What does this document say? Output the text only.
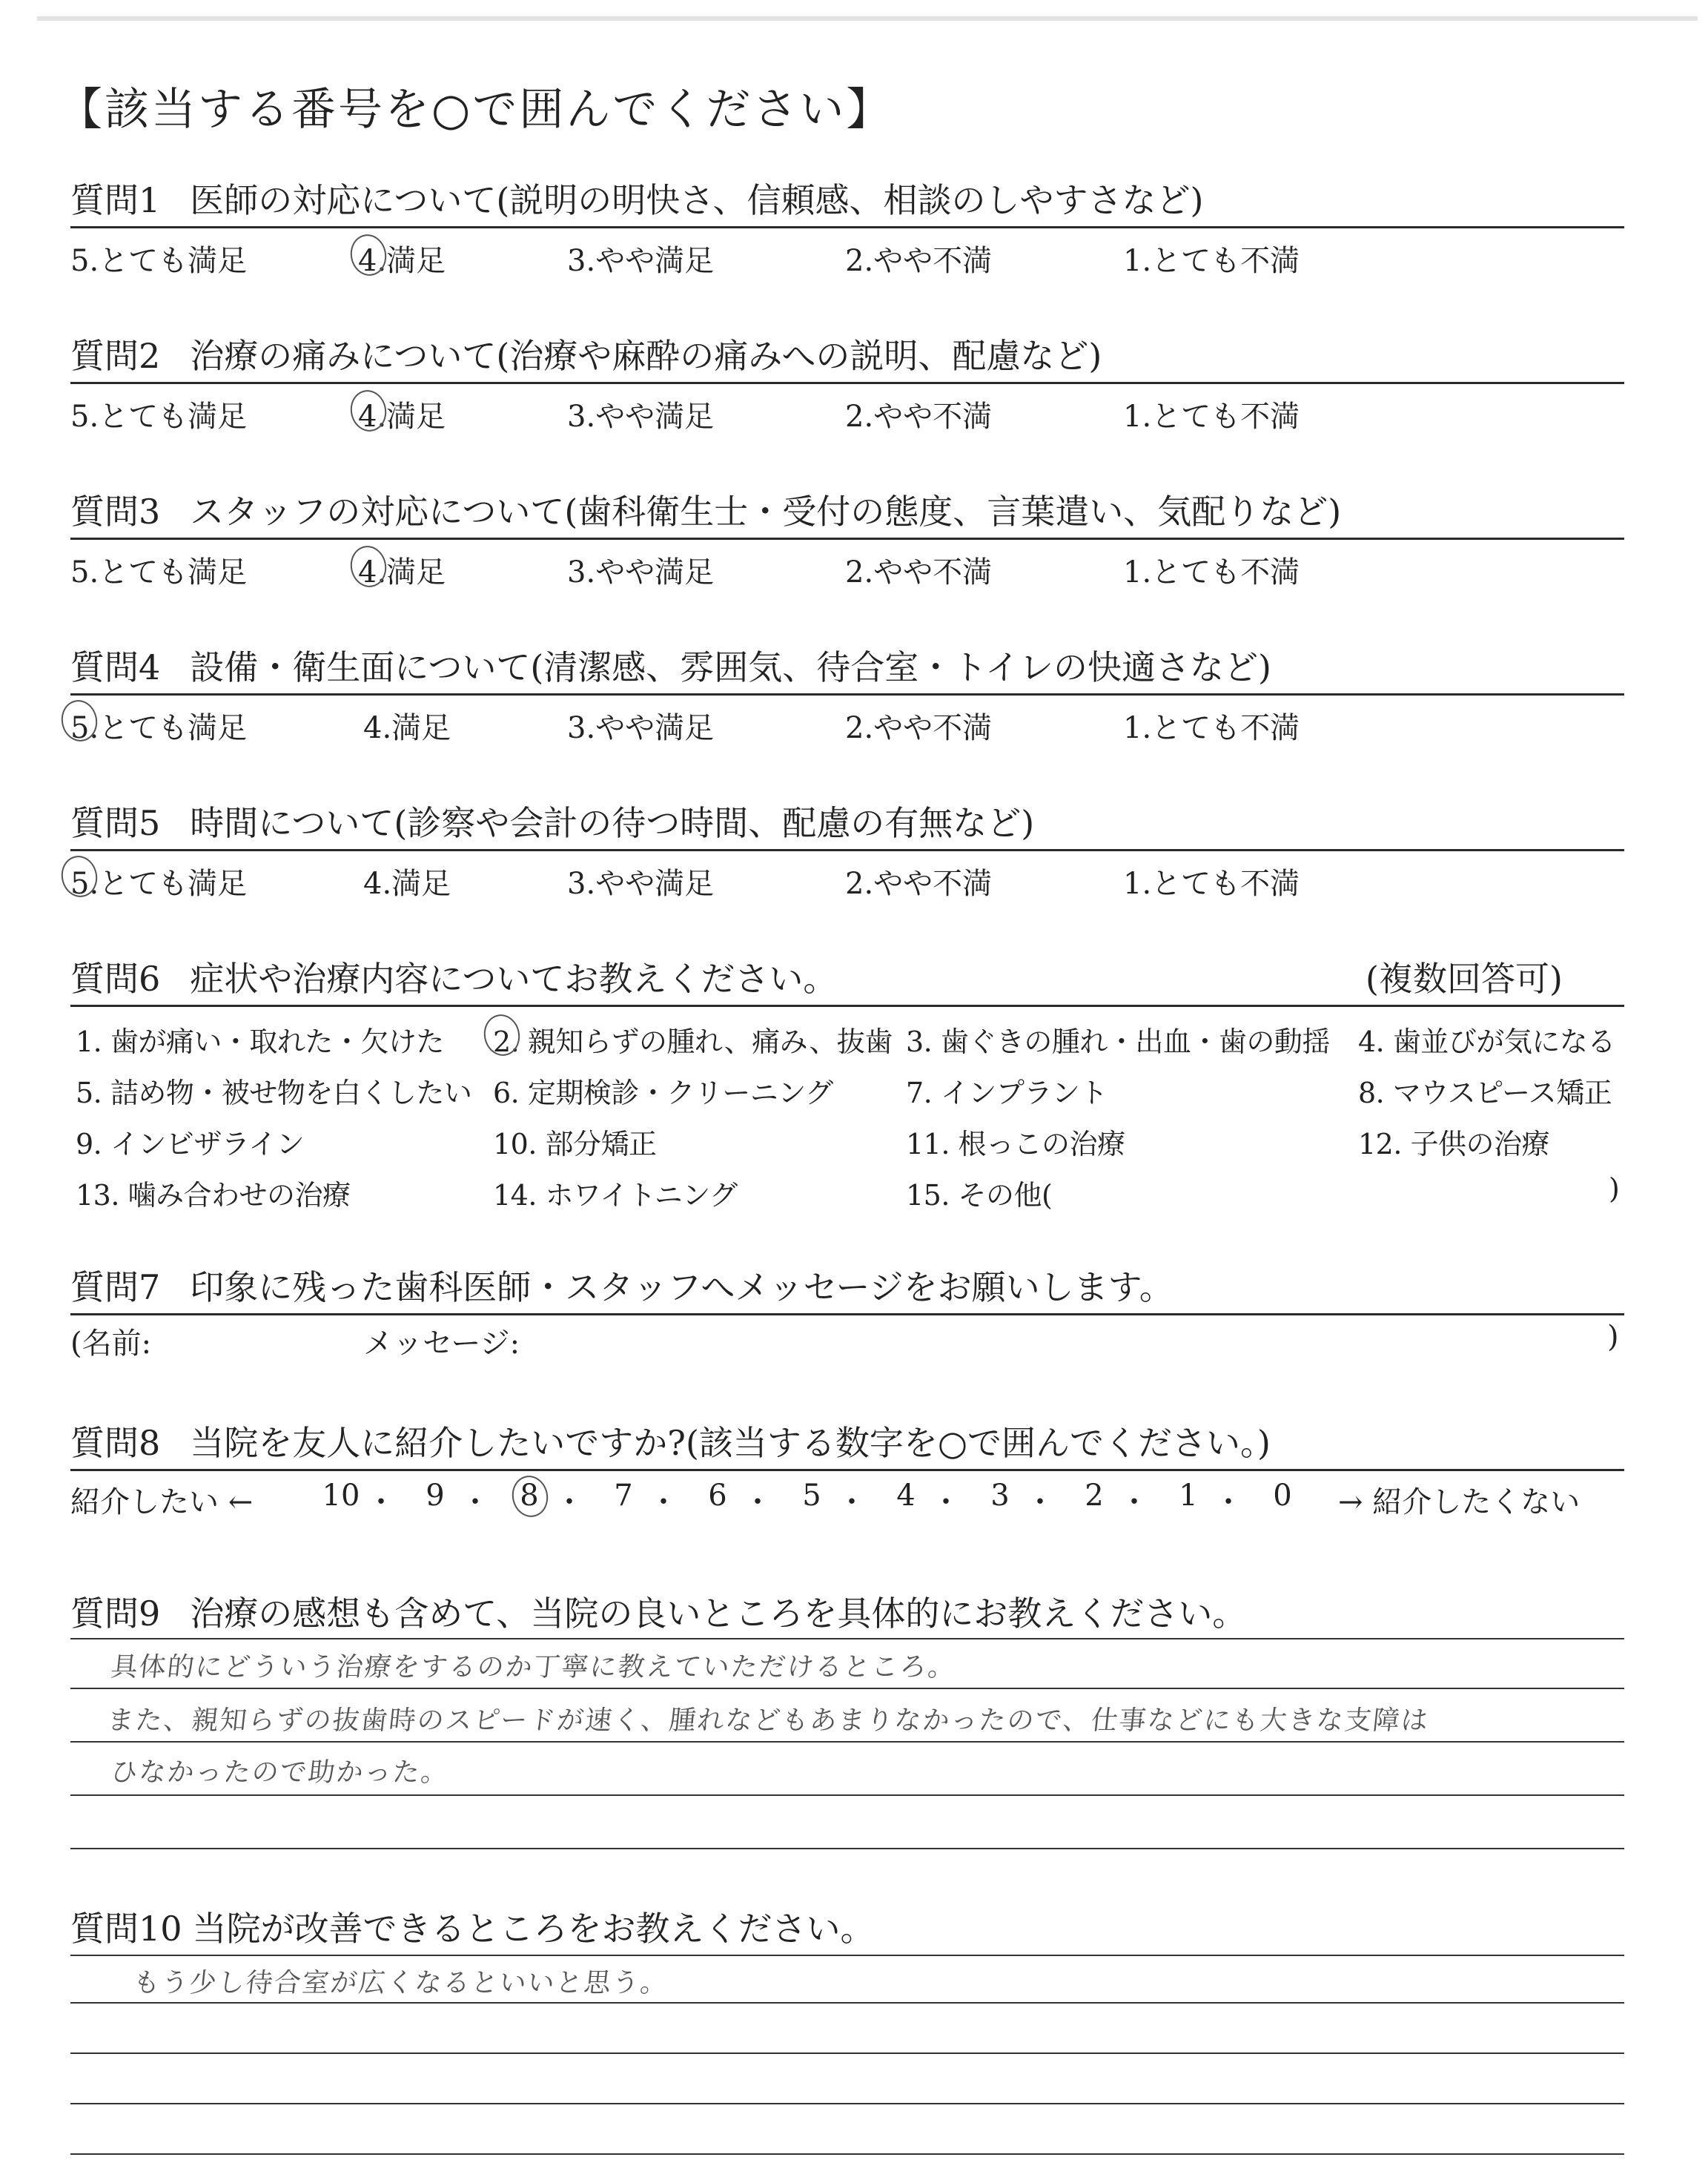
【該当する番号を○で囲んでください】
質問1 医師の対応について(説明の明快さ、信頼感、相談のしやすさなど)
5.とても満足	4.満足	3.やや満足	2.やや不満	1.とても不満
質問2 治療の痛みについて(治療や麻酔の痛みへの説明、配慮など)
5.とても満足	4.満足	3.やや満足	2.やや不満	1.とても不満
質問3 スタッフの対応について(歯科衛生士・受付の態度、言葉遣い、気配りなど)
5.とても満足	4.満足	3.やや満足	2.やや不満	1.とても不満
質問4 設備・衛生面について(清潔感、雰囲気、待合室・トイレの快適さなど)
5.とても満足	4.満足	3.やや満足	2.やや不満	1.とても不満
質問5 時間について(診察や会計の待つ時間、配慮の有無など)
5.とても満足	4.満足	3.やや満足	2.やや不満	1.とても不満
質問6 症状や治療内容についてお教えください。	(複数回答可)
1. 歯が痛い・取れた・欠けた 2. 親知らずの腫れ、痛み、抜歯 3. 歯ぐきの腫れ・出血・歯の動揺 4. 歯並びが気になる
5. 詰め物・被せ物を白くしたい 6. 定期検診・クリーニング	7. インプラント	8. マウスピース矯正
9. インビザライン	10. 部分矯正	11. 根っこの治療	12. 子供の治療
13. 噛み合わせの治療	14. ホワイトニング	15. その他(	)
質問7 印象に残った歯科医師・スタッフへメッセージをお願いします。
(名前:	メッセージ:	)
質問8 当院を友人に紹介したいですか?(該当する数字を○で囲んでください。)
紹介したい ←	→ 紹介したくない
10 ・	9 ・	8 ・	7 ・	6 ・	5 ・	4 ・	3 ・	2 ・	1 ・	0
質問9 治療の感想も含めて、当院の良いところを具体的にお教えください。
具体的にどういう治療をするのか丁寧に教えていただけるところ。
また、親知らずの抜歯時のスピードが速く、腫れなどもあまりなかったので、仕事などにも大きな支障は
ひなかったので助かった。
質問10 当院が改善できるところをお教えください。
もう少し待合室が広くなるといいと思う。
